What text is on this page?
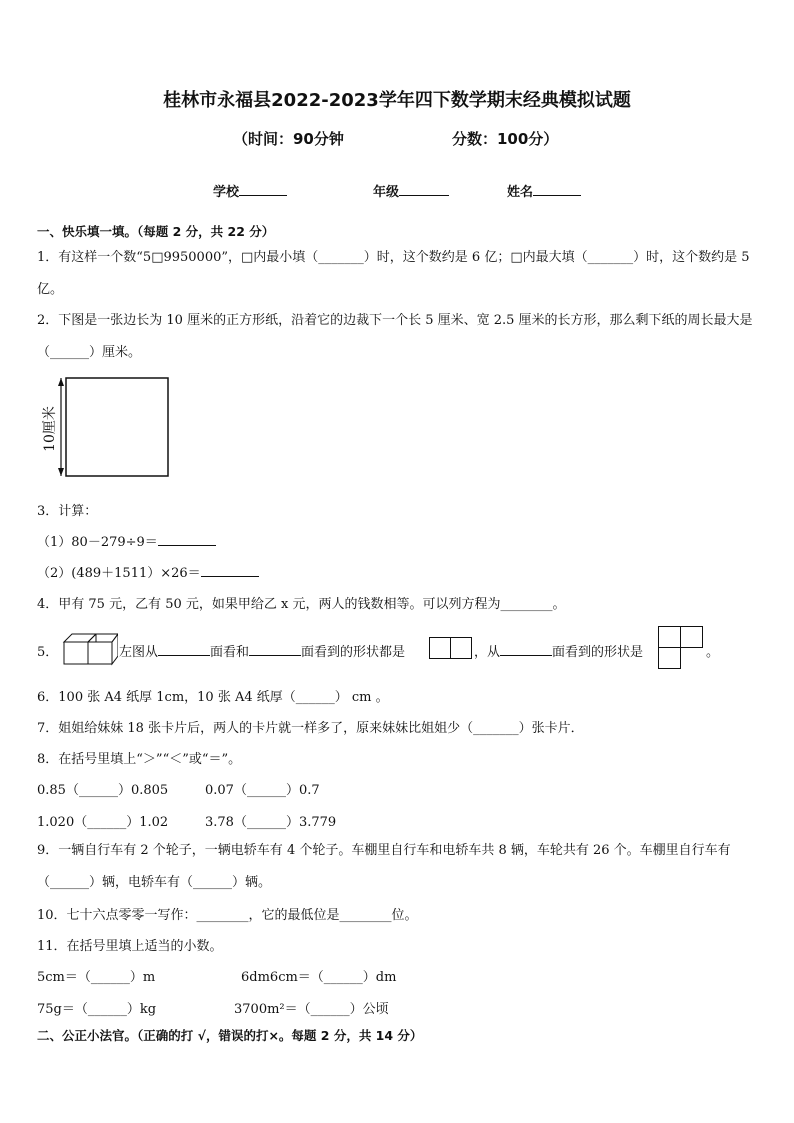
桂林市永福县2022-2023学年四下数学期末经典模拟试题
（时间：90分钟	分数：100分）
学校	年级	姓名
一、快乐填一填。（每题 2 分，共 22 分）
1．有这样一个数“5□9950000”，□内最小填（_______）时，这个数约是 6 亿；□内最大填（_______）时，这个数约是 5 亿。
2．下图是一张边长为 10 厘米的正方形纸，沿着它的边裁下一个长 5 厘米、宽 2.5 厘米的长方形，那么剩下纸的周长最大是（______）厘米。
10厘米
3．计算：
（1）80－279÷9＝
（2）(489＋1511）×26＝
4．甲有 75 元，乙有 50 元，如果甲给乙 x 元，两人的钱数相等。可以列方程为________。
5．	左图从	面看和	面看到的形状都是	，从	面看到的形状是	。
6．100 张 A4 纸厚 1cm，10 张 A4 纸厚（______） cm 。
7．姐姐给妹妹 18 张卡片后，两人的卡片就一样多了，原来妹妹比姐姐少（_______）张卡片．
8．在括号里填上“＞”“＜”或“＝”。
0.85（______）0.805	0.07（______）0.7
1.020（______）1.02	3.78（______）3.779
9．一辆自行车有 2 个轮子，一辆电轿车有 4 个轮子。车棚里自行车和电轿车共 8 辆，车轮共有 26 个。车棚里自行车有（______）辆，电轿车有（______）辆。
10．七十六点零零一写作：________，它的最低位是________位。
11．在括号里填上适当的小数。
5cm＝（______）m	6dm6cm＝（______）dm
75g＝（______）kg	3700m²＝（______）公顷
二、公正小法官。（正确的打 √，错误的打×。每题 2 分，共 14 分）
